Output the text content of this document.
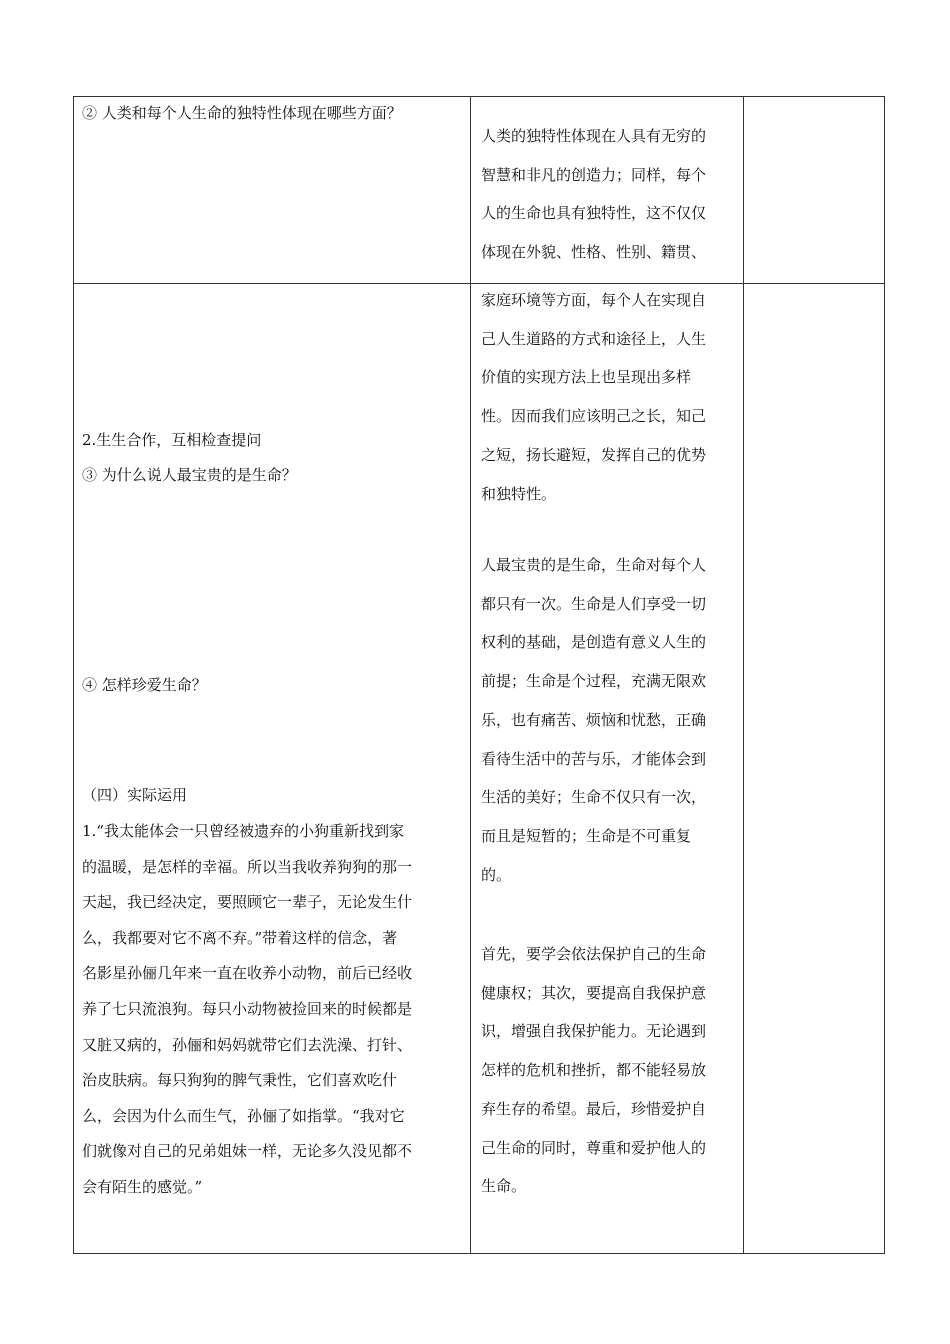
② 人类和每个人生命的独特性体现在哪些方面？
人类的独特性体现在人具有无穷的
智慧和非凡的创造力；同样，每个
人的生命也具有独特性，这不仅仅
体现在外貌、性格、性别、籍贯、
2.生生合作，互相检查提问
③ 为什么说人最宝贵的是生命？
④ 怎样珍爱生命？
（四）实际运用
1.“我太能体会一只曾经被遗弃的小狗重新找到家
的温暖，是怎样的幸福。所以当我收养狗狗的那一
天起，我已经决定，要照顾它一辈子，无论发生什
么，我都要对它不离不弃。”带着这样的信念，著
名影星孙俪几年来一直在收养小动物，前后已经收
养了七只流浪狗。每只小动物被捡回来的时候都是
又脏又病的，孙俪和妈妈就带它们去洗澡、打针、
治皮肤病。每只狗狗的脾气秉性，它们喜欢吃什
么，会因为什么而生气，孙俪了如指掌。“我对它
们就像对自己的兄弟姐妹一样，无论多久没见都不
会有陌生的感觉。”
家庭环境等方面，每个人在实现自
己人生道路的方式和途径上，人生
价值的实现方法上也呈现出多样
性。因而我们应该明己之长，知己
之短，扬长避短，发挥自己的优势
和独特性。
人最宝贵的是生命，生命对每个人
都只有一次。生命是人们享受一切
权利的基础，是创造有意义人生的
前提；生命是个过程，充满无限欢
乐，也有痛苦、烦恼和忧愁，正确
看待生活中的苦与乐，才能体会到
生活的美好；生命不仅只有一次，
而且是短暂的；生命是不可重复
的。
首先，要学会依法保护自己的生命
健康权；其次，要提高自我保护意
识，增强自我保护能力。无论遇到
怎样的危机和挫折，都不能轻易放
弃生存的希望。最后，珍惜爱护自
己生命的同时，尊重和爱护他人的
生命。
